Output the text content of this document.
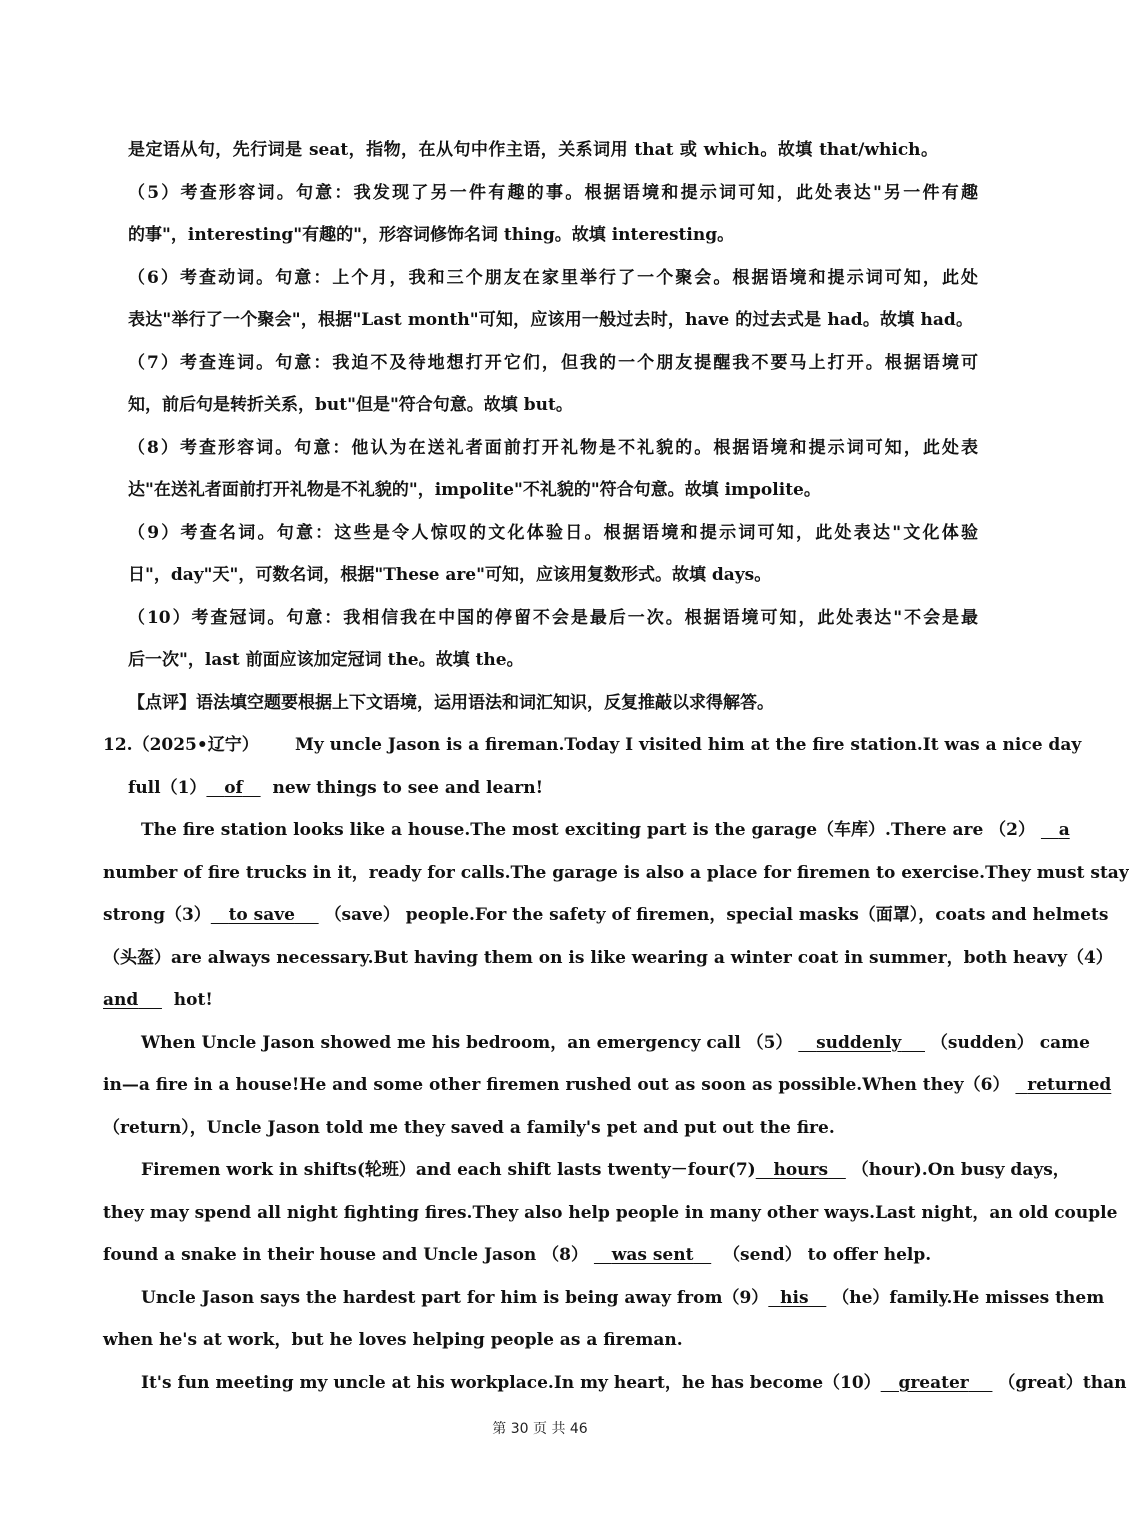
是定语从句，先行词是 seat，指物，在从句中作主语，关系词用 that 或 which。故填 that/which。
（5）考查形容词。句意：我发现了另一件有趣的事。根据语境和提示词可知，此处表达"另一件有趣
的事"，interesting"有趣的"，形容词修饰名词 thing。故填 interesting。
（6）考查动词。句意：上个月，我和三个朋友在家里举行了一个聚会。根据语境和提示词可知，此处
表达"举行了一个聚会"，根据"Last month"可知，应该用一般过去时，have 的过去式是 had。故填 had。
（7）考查连词。句意：我迫不及待地想打开它们，但我的一个朋友提醒我不要马上打开。根据语境可
知，前后句是转折关系，but"但是"符合句意。故填 but。
（8）考查形容词。句意：他认为在送礼者面前打开礼物是不礼貌的。根据语境和提示词可知，此处表
达"在送礼者面前打开礼物是不礼貌的"，impolite"不礼貌的"符合句意。故填 impolite。
（9）考查名词。句意：这些是令人惊叹的文化体验日。根据语境和提示词可知，此处表达"文化体验
日"，day"天"，可数名词，根据"These are"可知，应该用复数形式。故填 days。
（10）考查冠词。句意：我相信我在中国的停留不会是最后一次。根据语境可知，此处表达"不会是最
后一次"，last 前面应该加定冠词 the。故填 the。
【点评】语法填空题要根据上下文语境，运用语法和词汇知识，反复推敲以求得解答。
12.（2025•辽宁） My uncle Jason is a fireman.Today I visited him at the fire station.It was a nice day
full（1） of new things to see and learn!
The fire station looks like a house.The most exciting part is the garage（车库）.There are （2） a
number of fire trucks in it，ready for calls.The garage is also a place for firemen to exercise.They must stay
strong（3） to save （save） people.For the safety of firemen，special masks（面罩），coats and helmets
（头盔）are always necessary.But having them on is like wearing a winter coat in summer，both heavy（4）
and hot!
When Uncle Jason showed me his bedroom，an emergency call （5） suddenly （sudden） came
in—a fire in a house!He and some other firemen rushed out as soon as possible.When they（6） returned
（return），Uncle Jason told me they saved a family's pet and put out the fire.
Firemen work in shifts(轮班）and each shift lasts twenty－four(7) hours （hour).On busy days，
they may spend all night fighting fires.They also help people in many other ways.Last night，an old couple
found a snake in their house and Uncle Jason （8） was sent （send） to offer help.
Uncle Jason says the hardest part for him is being away from（9） his （he）family.He misses them
when he's at work，but he loves helping people as a fireman.
It's fun meeting my uncle at his workplace.In my heart，he has become（10） greater （great）than
第 30 页 共 46
